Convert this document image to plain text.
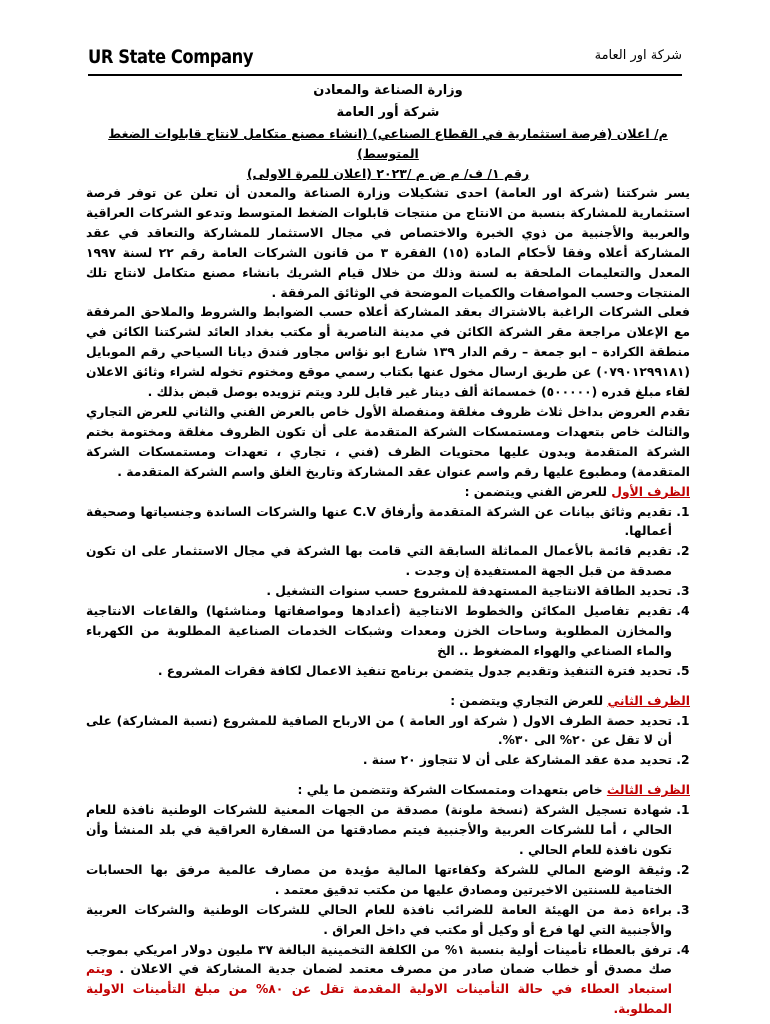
UR State Company	شركة اور العامة

وزارة الصناعة والمعادن

شركة أور العامة

م/ اعلان (فرصة استثمارية في القطاع الصناعي) (انشاء مصنع متكامل لانتاج قابلوات الضغط المتوسط)

رقم ١/ ف/ م ض م /٢٠٢٣ (اعلان للمرة الاولى)

يسر شركتنا (شركة اور العامة) احدى تشكيلات وزارة الصناعة والمعدن أن تعلن عن توفر فرصة استثمارية للمشاركة بنسبة من الانتاج من منتجات قابلوات الضغط المتوسط وتدعو الشركات العراقية والعربية والأجنبية من ذوي الخبرة والاختصاص في مجال الاستثمار للمشاركة والتعاقد في عقد المشاركة أعلاه وفقا لأحكام المادة (١٥) الفقرة ٣ من قانون الشركات العامة رقم ٢٢ لسنة ١٩٩٧ المعدل والتعليمات الملحقة به لسنة وذلك من خلال قيام الشريك بانشاء مصنع متكامل لانتاج تلك المنتجات وحسب المواصفات والكميات الموضحة في الوثائق المرفقة .

فعلى الشركات الراغبة بالاشتراك بعقد المشاركة أعلاه حسب الضوابط والشروط والملاحق المرفقة مع الإعلان مراجعة مقر الشركة الكائن في مدينة الناصرية أو مكتب بغداد العائد لشركتنا الكائن في منطقة الكرادة – ابو جمعة – رقم الدار ١٣٩ شارع ابو نؤاس مجاور فندق ديانا السياحي رقم الموبايل (٠٧٩٠١٢٩٩١٨١) عن طريق ارسال مخول عنها بكتاب رسمي موقع ومختوم تخوله لشراء وثائق الاعلان لقاء مبلغ قدره (٥٠٠٠٠٠) خمسمائة ألف دينار غير قابل للرد ويتم تزويده بوصل قبض بذلك .

تقدم العروض بداخل ثلاث ظروف مغلقة ومنفصلة الأول خاص بالعرض الفني والثاني للعرض التجاري والثالث خاص بتعهدات ومستمسكات الشركة المتقدمة على أن تكون الظروف مغلقة ومختومة بختم الشركة المتقدمة ويدون عليها محتويات الظرف (فني ، تجاري ، تعهدات ومستمسكات الشركة المتقدمة) ومطبوع عليها رقم واسم عنوان عقد المشاركة وتاريخ الغلق واسم الشركة المتقدمة .

الظرف الأول للعرض الفني ويتضمن :

1. تقديم وثائق بيانات عن الشركة المتقدمة وأرفاق C.V عنها والشركات الساندة وجنسياتها وصحيفة أعمالها.
2. تقديم قائمة بالأعمال المماثلة السابقة التي قامت بها الشركة في مجال الاستثمار على ان تكون مصدقة من قبل الجهة المستفيدة إن وجدت .
3. تحديد الطاقة الانتاجية المستهدفة للمشروع حسب سنوات التشغيل .
4. تقديم تفاصيل المكائن والخطوط الانتاجية (أعدادها ومواصفاتها ومناشئها) والقاعات الانتاجية والمخازن المطلوبة وساحات الخزن ومعدات وشبكات الخدمات الصناعية المطلوبة من الكهرباء والماء الصناعي والهواء المضغوط .. الخ
5. تحديد فترة التنفيذ وتقديم جدول يتضمن برنامج تنفيذ الاعمال لكافة فقرات المشروع .

الظرف الثاني للعرض التجاري ويتضمن :

1. تحديد حصة الطرف الاول ( شركة اور العامة ) من الارباح الصافية للمشروع (نسبة المشاركة) على أن لا تقل عن ٢٠% الى ٣٠%.
2. تحديد مدة عقد المشاركة على أن لا تتجاوز ٢٠ سنة .

الظرف الثالث خاص بتعهدات ومتمسكات الشركة وتتضمن ما يلي :

1. شهادة تسجيل الشركة (نسخة ملونة) مصدقة من الجهات المعنية للشركات الوطنية نافذة للعام الحالي ، أما للشركات العربية والأجنبية فيتم مصادقتها من السفارة العراقية في بلد المنشأ وأن تكون نافذة للعام الحالي .
2. وثيقة الوضع المالي للشركة وكفاءتها المالية مؤيدة من مصارف عالمية مرفق بها الحسابات الختامية للسنتين الاخيرتين ومصادق عليها من مكتب تدقيق معتمد .
3. براءة ذمة من الهيئة العامة للضرائب نافذة للعام الحالي للشركات الوطنية والشركات العربية والأجنبية التي لها فرع أو وكيل أو مكتب في داخل العراق .
4. ترفق بالعطاء تأمينات أولية بنسبة ١% من الكلفة التخمينية البالغة ٣٧ مليون دولار امريكي بموجب صك مصدق أو خطاب ضمان صادر من مصرف معتمد لضمان جدية المشاركة في الاعلان . ويتم استبعاد العطاء في حالة التأمينات الاولية المقدمة تقل عن ٨٠% من مبلغ التأمينات الاولية المطلوبة.
